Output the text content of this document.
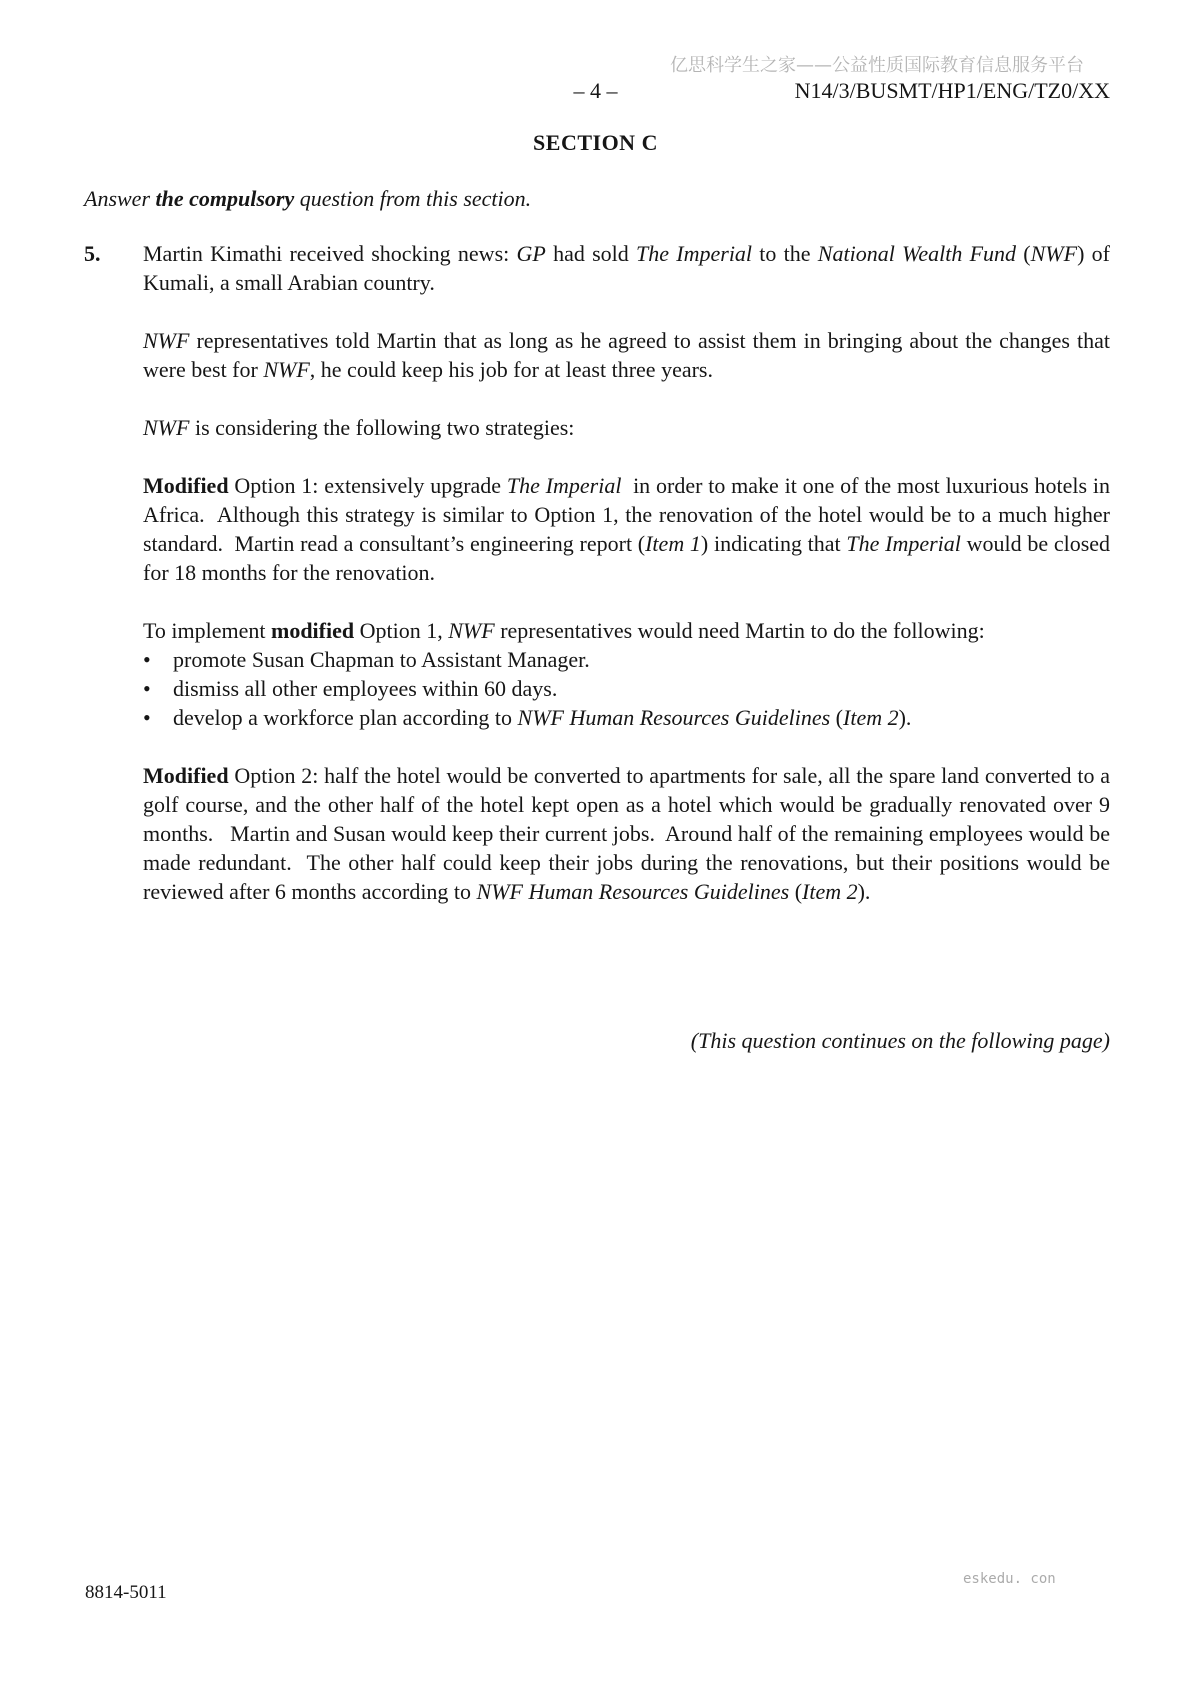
亿思科学生之家——公益性质国际教育信息服务平台
– 4 –	N14/3/BUSMT/HP1/ENG/TZ0/XX
SECTION C

Answer the compulsory question from this section.

5.	Martin Kimathi received shocking news: GP had sold The Imperial to the National Wealth Fund (NWF) of Kumali, a small Arabian country.

NWF representatives told Martin that as long as he agreed to assist them in bringing about the changes that were best for NWF, he could keep his job for at least three years.

NWF is considering the following two strategies:

Modified Option 1: extensively upgrade The Imperial  in order to make it one of the most luxurious hotels in Africa.  Although this strategy is similar to Option 1, the renovation of the hotel would be to a much higher standard.  Martin read a consultant’s engineering report (Item 1) indicating that The Imperial would be closed for 18 months for the renovation.

To implement modified Option 1, NWF representatives would need Martin to do the following:

•	promote Susan Chapman to Assistant Manager.
•	dismiss all other employees within 60 days.
•	develop a workforce plan according to NWF Human Resources Guidelines (Item 2).

Modified Option 2: half the hotel would be converted to apartments for sale, all the spare land converted to a golf course, and the other half of the hotel kept open as a hotel which would be gradually renovated over 9 months.   Martin and Susan would keep their current jobs.  Around half of the remaining employees would be made redundant.  The other half could keep their jobs during the renovations, but their positions would be reviewed after 6 months according to NWF Human Resources Guidelines (Item 2).

(This question continues on the following page)
8814-5011
eskedu. con
